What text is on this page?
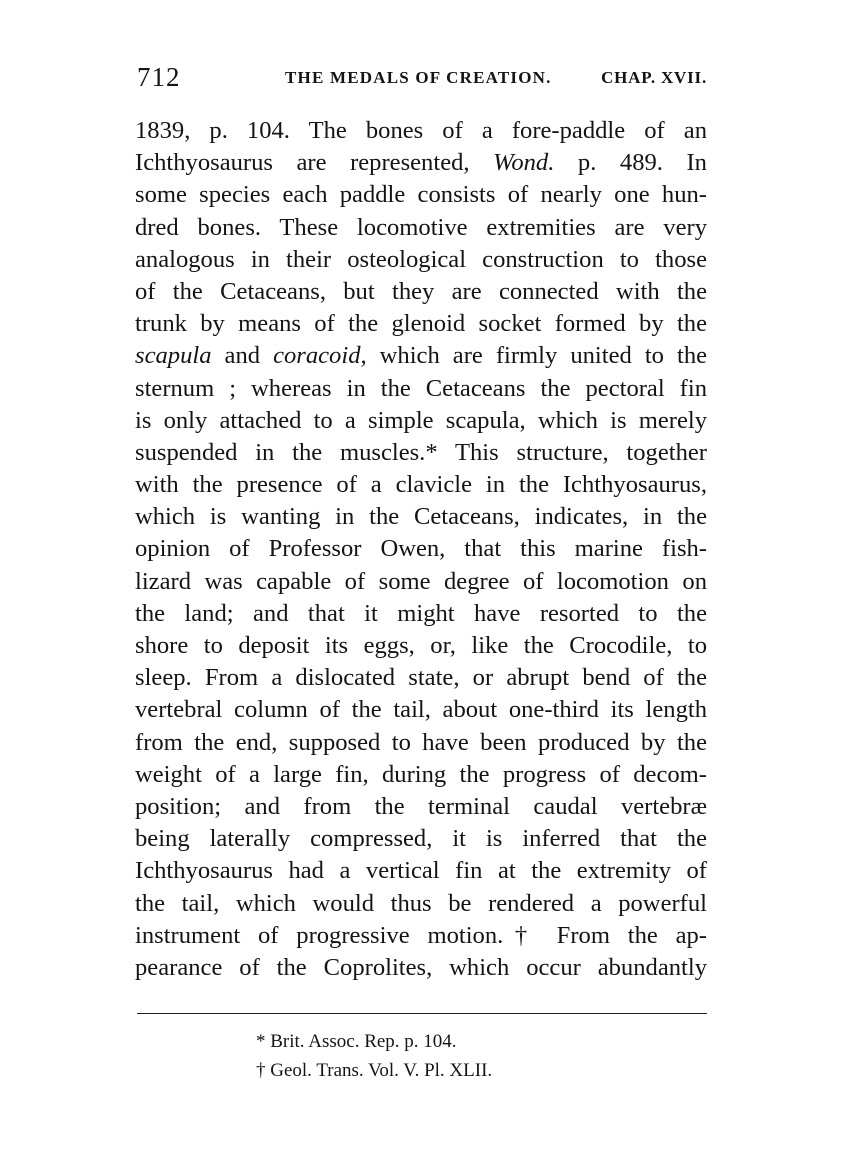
712	THE MEDALS OF CREATION.	CHAP. XVII.
1839, p. 104. The bones of a fore-paddle of an
Ichthyosaurus are represented, Wond. p. 489. In
some species each paddle consists of nearly one hun-
dred bones. These locomotive extremities are very
analogous in their osteological construction to those
of the Cetaceans, but they are connected with the
trunk by means of the glenoid socket formed by the
scapula and coracoid, which are firmly united to the
sternum ; whereas in the Cetaceans the pectoral fin
is only attached to a simple scapula, which is merely
suspended in the muscles.* This structure, together
with the presence of a clavicle in the Ichthyosaurus,
which is wanting in the Cetaceans, indicates, in the
opinion of Professor Owen, that this marine fish-
lizard was capable of some degree of locomotion on
the land; and that it might have resorted to the
shore to deposit its eggs, or, like the Crocodile, to
sleep. From a dislocated state, or abrupt bend of the
vertebral column of the tail, about one-third its length
from the end, supposed to have been produced by the
weight of a large fin, during the progress of decom-
position; and from the terminal caudal vertebræ
being laterally compressed, it is inferred that the
Ichthyosaurus had a vertical fin at the extremity of
the tail, which would thus be rendered a powerful
instrument of progressive motion.† From the ap-
pearance of the Coprolites, which occur abundantly
* Brit. Assoc. Rep. p. 104.
† Geol. Trans. Vol. V. Pl. XLII.
